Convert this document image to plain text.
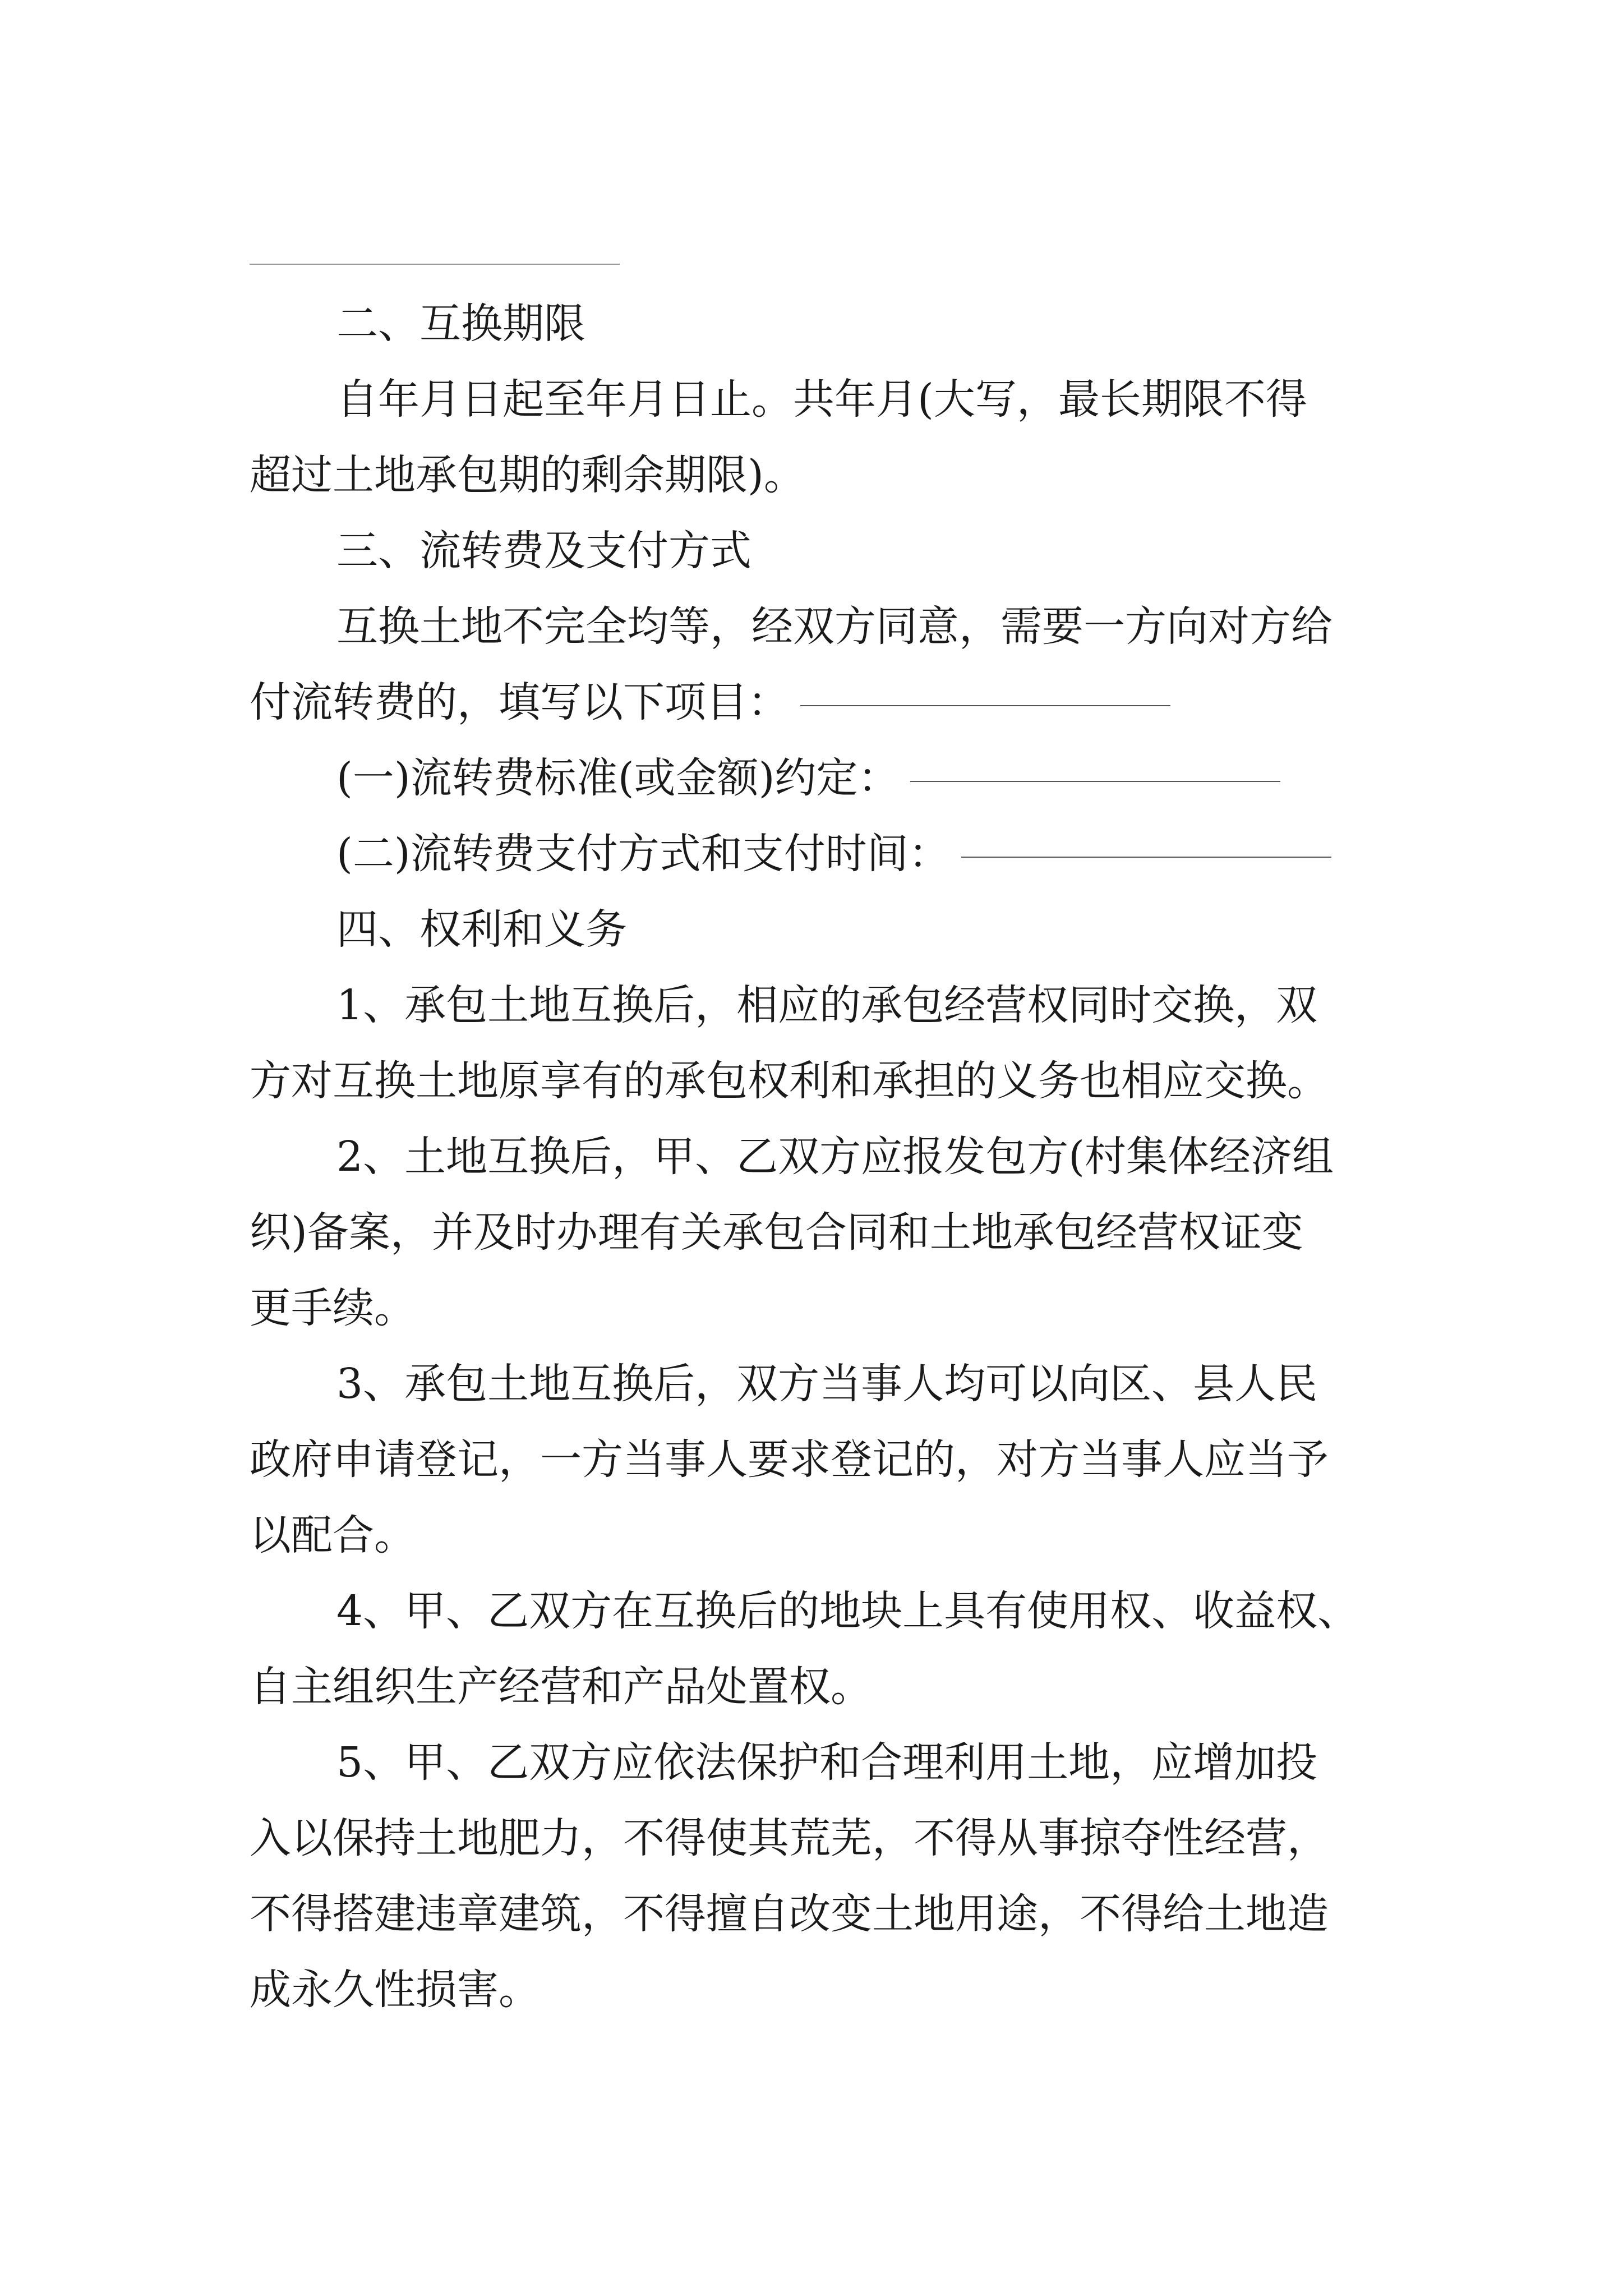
二、互换期限
自年月日起至年月日止。共年月(大写，最长期限不得
超过土地承包期的剩余期限)。
三、流转费及支付方式
互换土地不完全均等，经双方同意，需要一方向对方给
付流转费的，填写以下项目：
(一)流转费标准(或金额)约定：
(二)流转费支付方式和支付时间：
四、权利和义务
1、承包土地互换后，相应的承包经营权同时交换，双
方对互换土地原享有的承包权利和承担的义务也相应交换。
2、土地互换后，甲、乙双方应报发包方(村集体经济组
织)备案，并及时办理有关承包合同和土地承包经营权证变
更手续。
3、承包土地互换后，双方当事人均可以向区、县人民
政府申请登记，一方当事人要求登记的，对方当事人应当予
以配合。
4、甲、乙双方在互换后的地块上具有使用权、收益权、
自主组织生产经营和产品处置权。
5、甲、乙双方应依法保护和合理利用土地，应增加投
入以保持土地肥力，不得使其荒芜，不得从事掠夺性经营，
不得搭建违章建筑，不得擅自改变土地用途，不得给土地造
成永久性损害。
